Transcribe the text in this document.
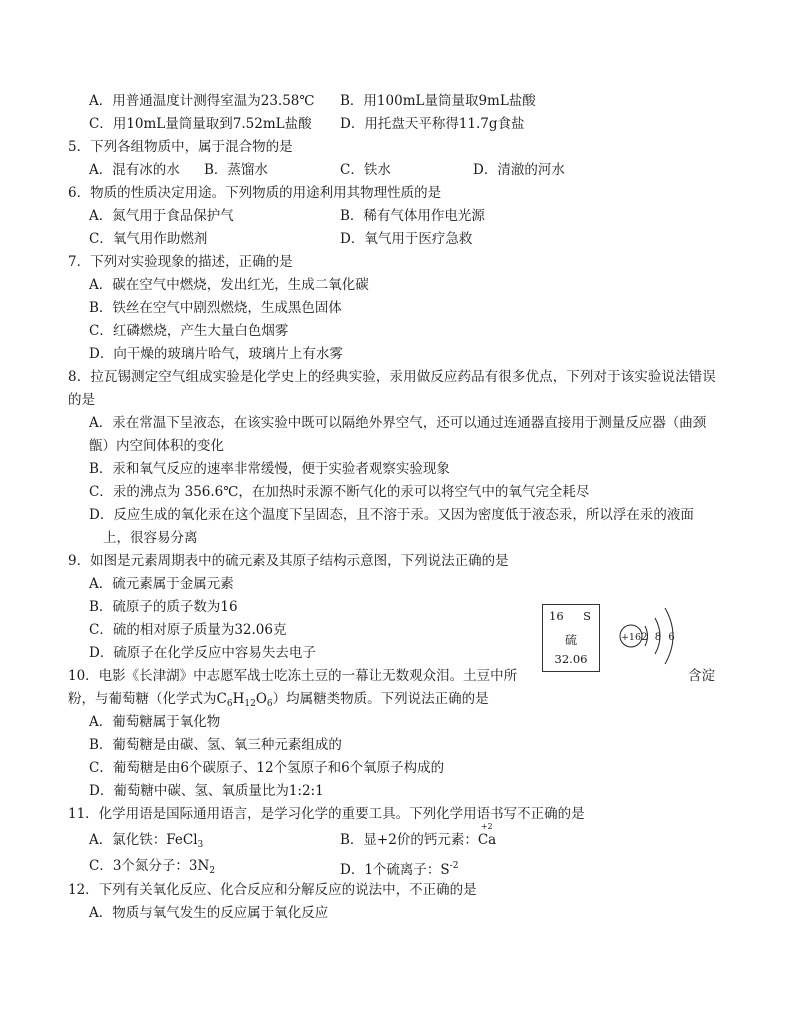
A．用普通温度计测得室温为23.58℃ B．用100mL量筒量取9mL盐酸
C．用10mL量筒量取到7.52mL盐酸 D．用托盘天平称得11.7g食盐
5．下列各组物质中，属于混合物的是
A．混有冰的水 B．蒸馏水	C．铁水	D．清澈的河水
6．物质的性质决定用途。下列物质的用途利用其物理性质的是
A．氮气用于食品保护气	B．稀有气体用作电光源
C．氧气用作助燃剂	D．氧气用于医疗急救
7．下列对实验现象的描述，正确的是
A．碳在空气中燃烧，发出红光，生成二氧化碳
B．铁丝在空气中剧烈燃烧，生成黑色固体
C．红磷燃烧，产生大量白色烟雾
D．向干燥的玻璃片哈气，玻璃片上有水雾
8．拉瓦锡测定空气组成实验是化学史上的经典实验，汞用做反应药品有很多优点，下列对于该实验说法错误
的是
A．汞在常温下呈液态，在该实验中既可以隔绝外界空气，还可以通过连通器直接用于测量反应器（曲颈
甑）内空间体积的变化
B．汞和氧气反应的速率非常缓慢，便于实验者观察实验现象
C．汞的沸点为 356.6℃，在加热时汞源不断气化的汞可以将空气中的氧气完全耗尽
D．反应生成的氧化汞在这个温度下呈固态，且不溶于汞。又因为密度低于液态汞，所以浮在汞的液面
上，很容易分离
9．如图是元素周期表中的硫元素及其原子结构示意图，下列说法正确的是
A．硫元素属于金属元素
B．硫原子的质子数为16
C．硫的相对原子质量为32.06克
D．硫原子在化学反应中容易失去电子
16 S
硫
32.06
+16 2 8 6
10．电影《长津湖》中志愿军战士吃冻土豆的一幕让无数观众泪。土豆中所	含淀
粉，与葡萄糖（化学式为$C_6H_{12}O_6$）均属糖类物质。下列说法正确的是
A．葡萄糖属于氧化物
B．葡萄糖是由碳、氢、氧三种元素组成的
C．葡萄糖是由6个碳原子、12个氢原子和6个氧原子构成的
D．葡萄糖中碳、氢、氧质量比为1:2:1
11．化学用语是国际通用语言，是学习化学的重要工具。下列化学用语书写不正确的是
A．氯化铁：FeCl$_3$	B．显+2价的钙元素：
+2
Ca
C．3个氮分子：$3N_2$	D．1个硫离子：$S^{-2}$
12．下列有关氧化反应、化合反应和分解反应的说法中，不正确的是
A．物质与氧气发生的反应属于氧化反应
